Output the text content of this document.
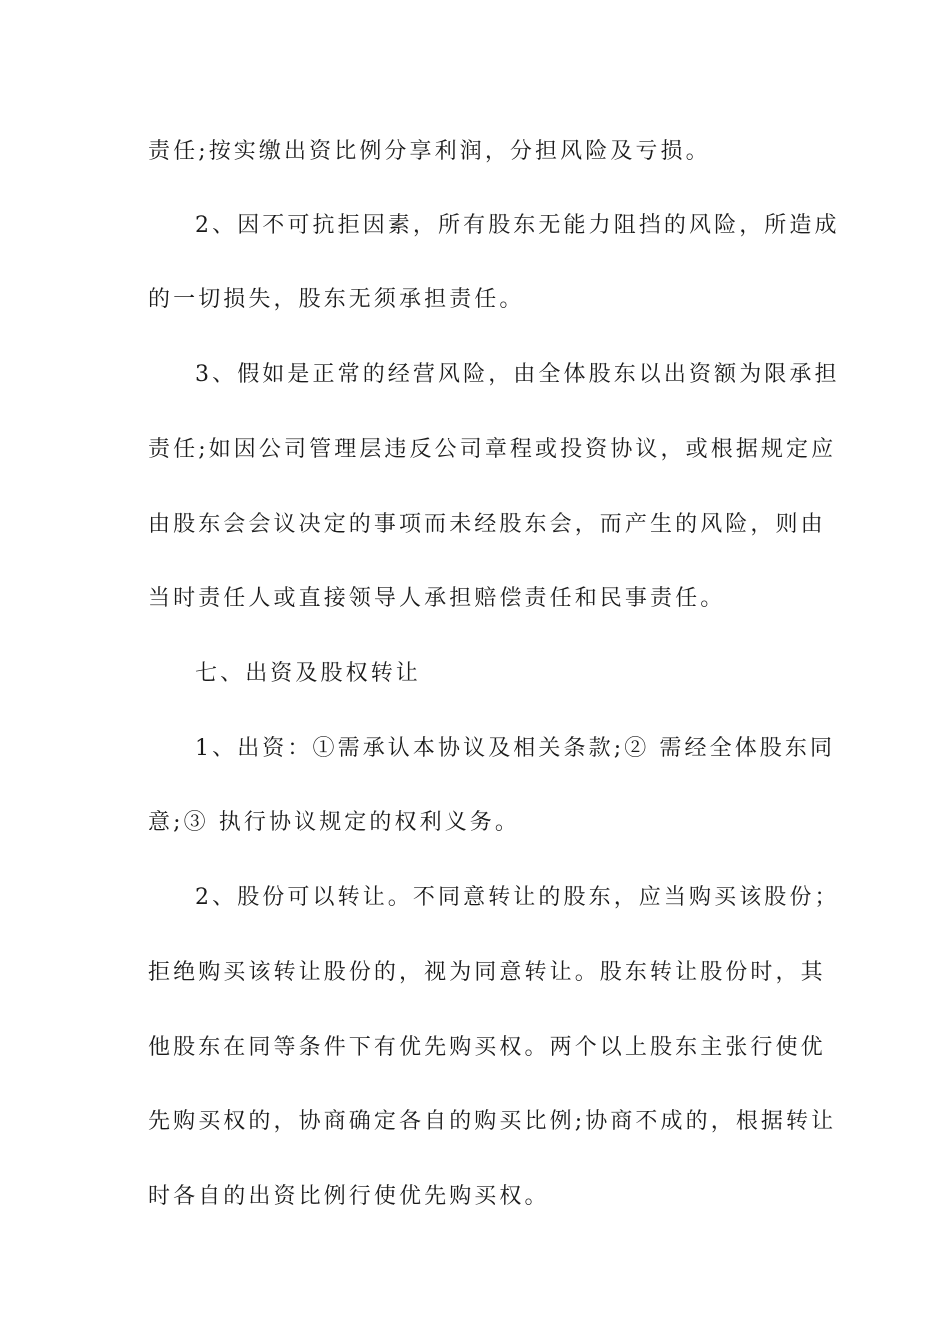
责任;按实缴出资比例分享利润，分担风险及亏损。
2、因不可抗拒因素，所有股东无能力阻挡的风险，所造成
的一切损失，股东无须承担责任。
3、假如是正常的经营风险，由全体股东以出资额为限承担
责任;如因公司管理层违反公司章程或投资协议，或根据规定应
由股东会会议决定的事项而未经股东会，而产生的风险，则由
当时责任人或直接领导人承担赔偿责任和民事责任。
七、出资及股权转让
1、出资：①需承认本协议及相关条款;② 需经全体股东同
意;③ 执行协议规定的权利义务。
2、股份可以转让。不同意转让的股东，应当购买该股份；
拒绝购买该转让股份的，视为同意转让。股东转让股份时，其
他股东在同等条件下有优先购买权。两个以上股东主张行使优
先购买权的，协商确定各自的购买比例;协商不成的，根据转让
时各自的出资比例行使优先购买权。
